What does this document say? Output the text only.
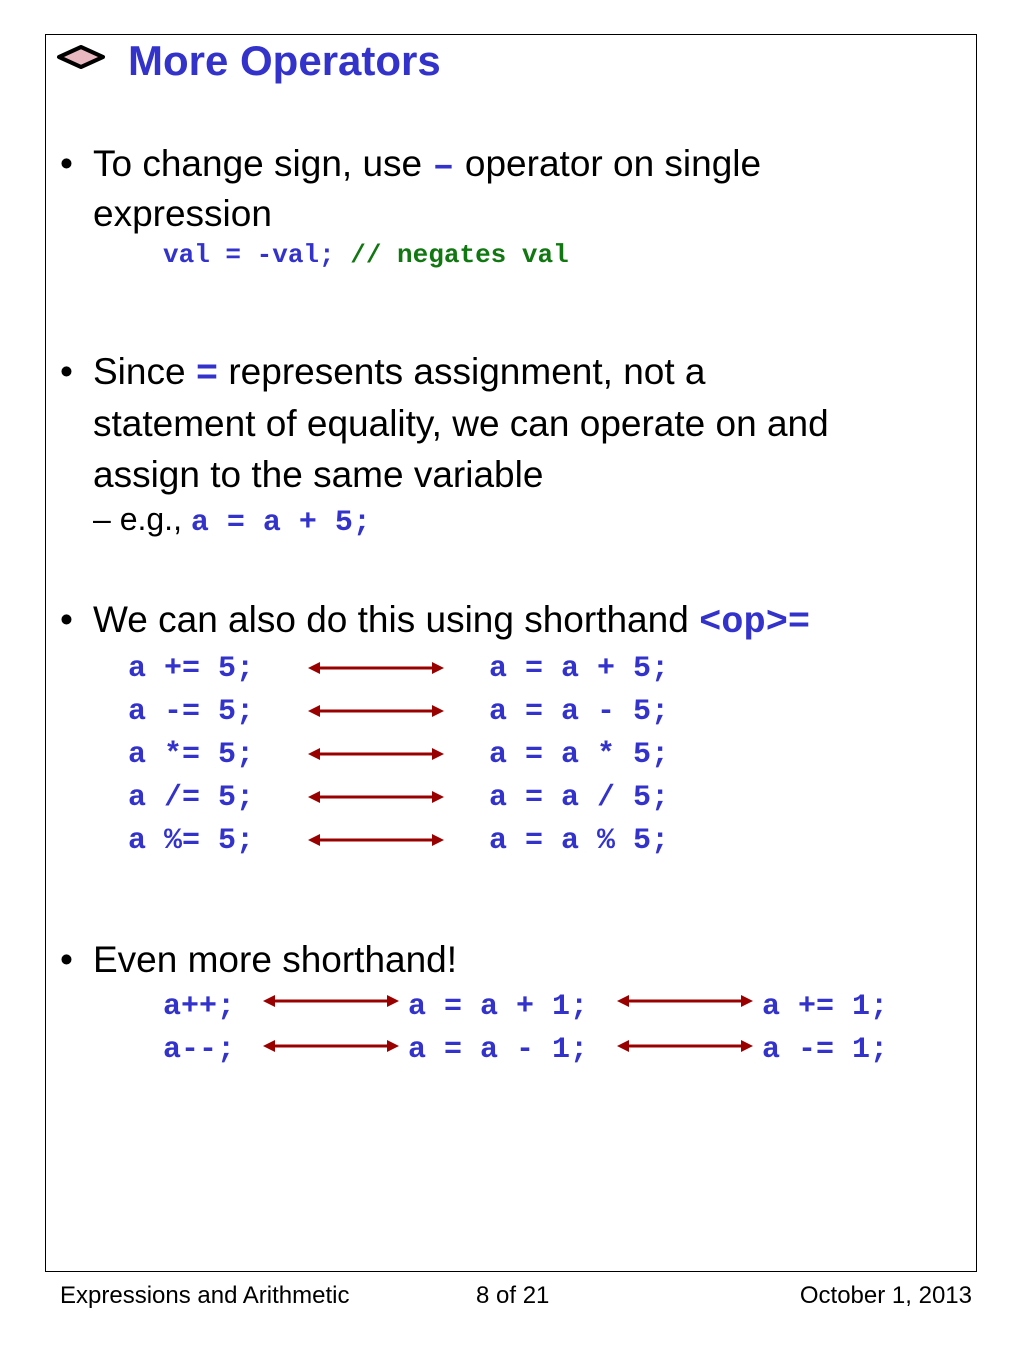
More Operators
• To change sign, use – operator on single
expression
val = -val; // negates val
• Since = represents assignment, not a
statement of equality, we can operate on and
assign to the same variable
– e.g., a = a + 5;
• We can also do this using shorthand <op>=
a += 5;	a = a + 5;
a -= 5;	a = a - 5;
a *= 5;	a = a * 5;
a /= 5;	a = a / 5;
a %= 5;	a = a % 5;
• Even more shorthand!
a++;	a = a + 1;	a += 1;
a--;	a = a - 1;	a -= 1;
Expressions and Arithmetic	8 of 21	October 1, 2013
